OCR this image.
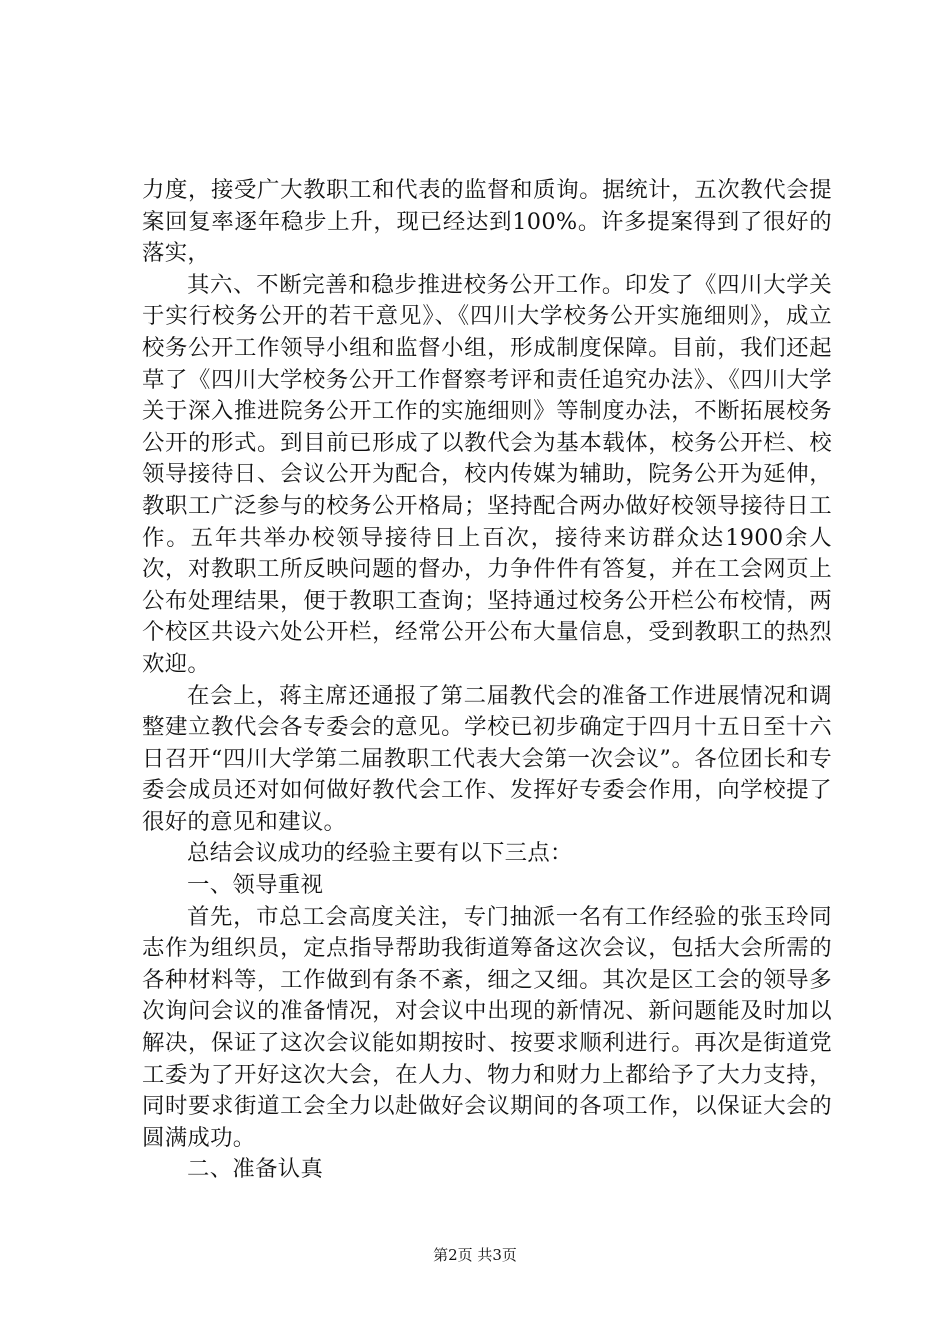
力度，接受广大教职工和代表的监督和质询。据统计，五次教代会提案回复率逐年稳步上升，现已经达到100%。许多提案得到了很好的落实，

其六、不断完善和稳步推进校务公开工作。印发了《四川大学关于实行校务公开的若干意见》、《四川大学校务公开实施细则》，成立校务公开工作领导小组和监督小组，形成制度保障。目前，我们还起草了《四川大学校务公开工作督察考评和责任追究办法》、《四川大学关于深入推进院务公开工作的实施细则》等制度办法，不断拓展校务公开的形式。到目前已形成了以教代会为基本载体，校务公开栏、校领导接待日、会议公开为配合，校内传媒为辅助，院务公开为延伸，教职工广泛参与的校务公开格局；坚持配合两办做好校领导接待日工作。五年共举办校领导接待日上百次，接待来访群众达1900余人次，对教职工所反映问题的督办，力争件件有答复，并在工会网页上公布处理结果，便于教职工查询；坚持通过校务公开栏公布校情，两个校区共设六处公开栏，经常公开公布大量信息，受到教职工的热烈欢迎。

在会上，蒋主席还通报了第二届教代会的准备工作进展情况和调整建立教代会各专委会的意见。学校已初步确定于四月十五日至十六日召开“四川大学第二届教职工代表大会第一次会议”。各位团长和专委会成员还对如何做好教代会工作、发挥好专委会作用，向学校提了很好的意见和建议。

总结会议成功的经验主要有以下三点：

一、领导重视

首先，市总工会高度关注，专门抽派一名有工作经验的张玉玲同志作为组织员，定点指导帮助我街道筹备这次会议，包括大会所需的各种材料等，工作做到有条不紊，细之又细。其次是区工会的领导多次询问会议的准备情况，对会议中出现的新情况、新问题能及时加以解决，保证了这次会议能如期按时、按要求顺利进行。再次是街道党工委为了开好这次大会，在人力、物力和财力上都给予了大力支持，同时要求街道工会全力以赴做好会议期间的各项工作，以保证大会的圆满成功。

二、准备认真

第2页 共3页
